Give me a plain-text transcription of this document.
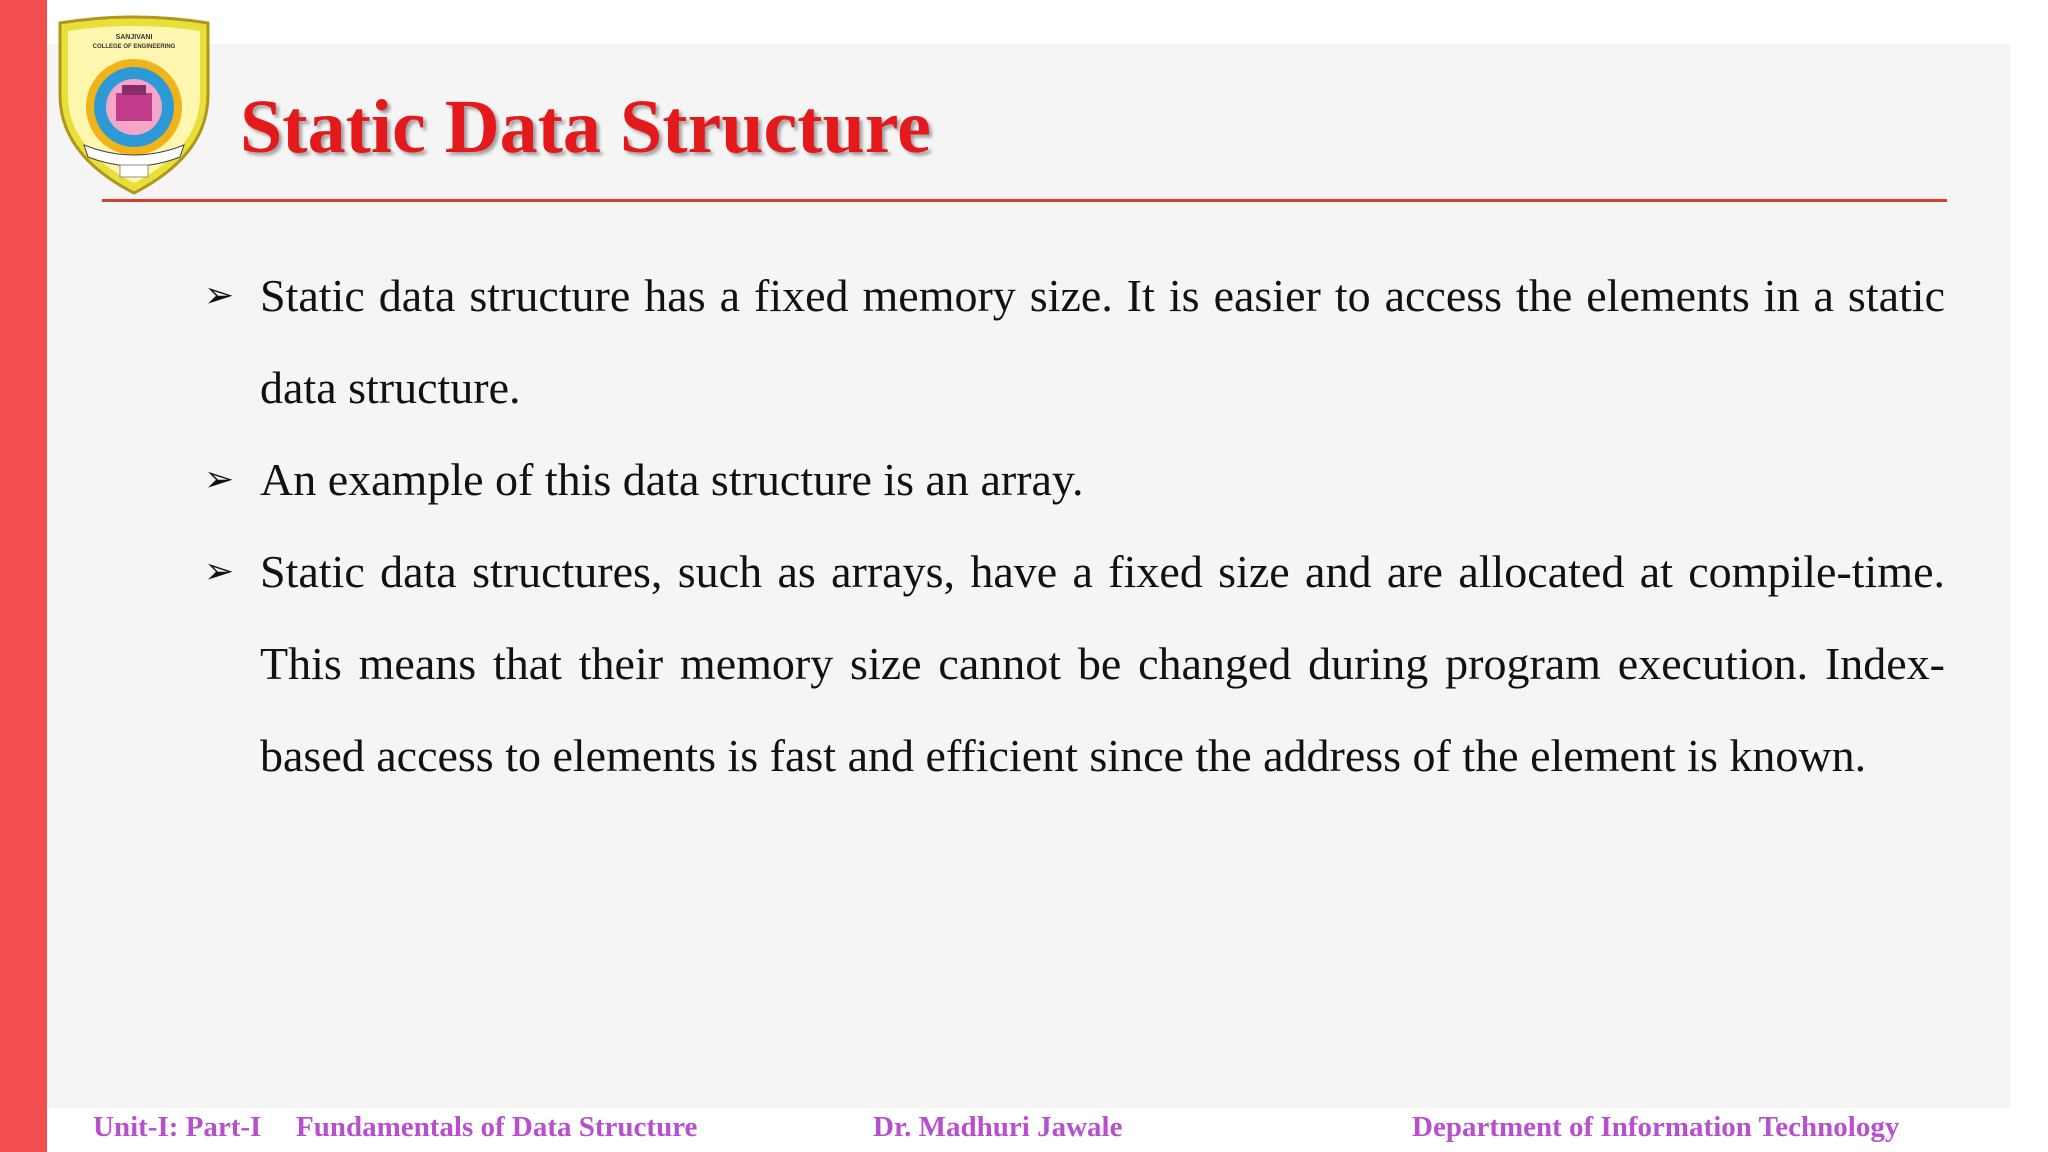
SANJIVANI
COLLEGE OF ENGINEERING
Static Data Structure
➢ Static data structure has a fixed memory size. It is easier to access the elements in a static data structure.
➢ An example of this data structure is an array.
➢ Static data structures, such as arrays, have a fixed size and are allocated at compile-time. This means that their memory size cannot be changed during program execution. Index-based access to elements is fast and efficient since the address of the element is known.
Unit-I: Part-I Fundamentals of Data Structure	Dr. Madhuri Jawale	Department of Information Technology
